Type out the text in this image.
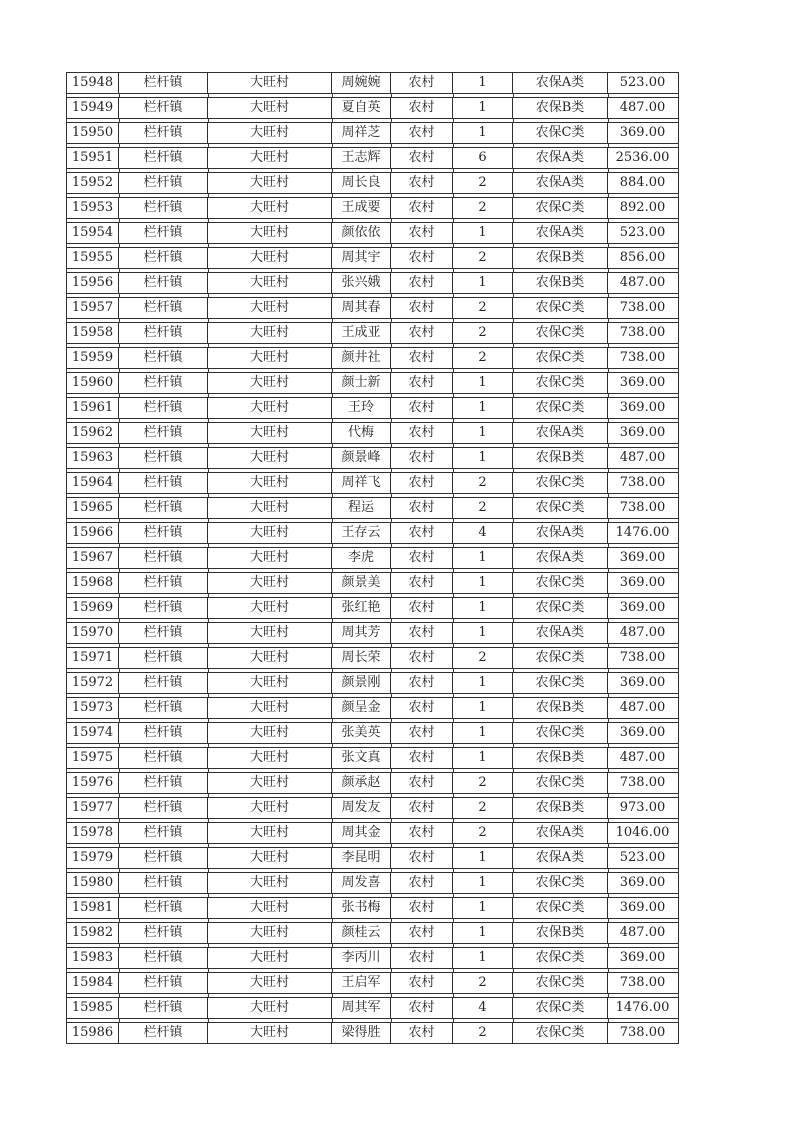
15948	栏杆镇	大旺村	周婉婉	农村	1	农保A类	523.00
15949	栏杆镇	大旺村	夏自英	农村	1	农保B类	487.00
15950	栏杆镇	大旺村	周祥芝	农村	1	农保C类	369.00
15951	栏杆镇	大旺村	王志辉	农村	6	农保A类	2536.00
15952	栏杆镇	大旺村	周长良	农村	2	农保A类	884.00
15953	栏杆镇	大旺村	王成要	农村	2	农保C类	892.00
15954	栏杆镇	大旺村	颜依依	农村	1	农保A类	523.00
15955	栏杆镇	大旺村	周其宇	农村	2	农保B类	856.00
15956	栏杆镇	大旺村	张兴娥	农村	1	农保B类	487.00
15957	栏杆镇	大旺村	周其春	农村	2	农保C类	738.00
15958	栏杆镇	大旺村	王成亚	农村	2	农保C类	738.00
15959	栏杆镇	大旺村	颜井社	农村	2	农保C类	738.00
15960	栏杆镇	大旺村	颜士新	农村	1	农保C类	369.00
15961	栏杆镇	大旺村	王玲	农村	1	农保C类	369.00
15962	栏杆镇	大旺村	代梅	农村	1	农保A类	369.00
15963	栏杆镇	大旺村	颜景峰	农村	1	农保B类	487.00
15964	栏杆镇	大旺村	周祥飞	农村	2	农保C类	738.00
15965	栏杆镇	大旺村	程运	农村	2	农保C类	738.00
15966	栏杆镇	大旺村	王存云	农村	4	农保A类	1476.00
15967	栏杆镇	大旺村	李虎	农村	1	农保A类	369.00
15968	栏杆镇	大旺村	颜景美	农村	1	农保C类	369.00
15969	栏杆镇	大旺村	张红艳	农村	1	农保C类	369.00
15970	栏杆镇	大旺村	周其芳	农村	1	农保A类	487.00
15971	栏杆镇	大旺村	周长荣	农村	2	农保C类	738.00
15972	栏杆镇	大旺村	颜景刚	农村	1	农保C类	369.00
15973	栏杆镇	大旺村	颜呈金	农村	1	农保B类	487.00
15974	栏杆镇	大旺村	张美英	农村	1	农保C类	369.00
15975	栏杆镇	大旺村	张文真	农村	1	农保B类	487.00
15976	栏杆镇	大旺村	颜承赵	农村	2	农保C类	738.00
15977	栏杆镇	大旺村	周发友	农村	2	农保B类	973.00
15978	栏杆镇	大旺村	周其金	农村	2	农保A类	1046.00
15979	栏杆镇	大旺村	李昆明	农村	1	农保A类	523.00
15980	栏杆镇	大旺村	周发喜	农村	1	农保C类	369.00
15981	栏杆镇	大旺村	张书梅	农村	1	农保C类	369.00
15982	栏杆镇	大旺村	颜桂云	农村	1	农保B类	487.00
15983	栏杆镇	大旺村	李丙川	农村	1	农保C类	369.00
15984	栏杆镇	大旺村	王启军	农村	2	农保C类	738.00
15985	栏杆镇	大旺村	周其军	农村	4	农保C类	1476.00
15986	栏杆镇	大旺村	梁得胜	农村	2	农保C类	738.00
